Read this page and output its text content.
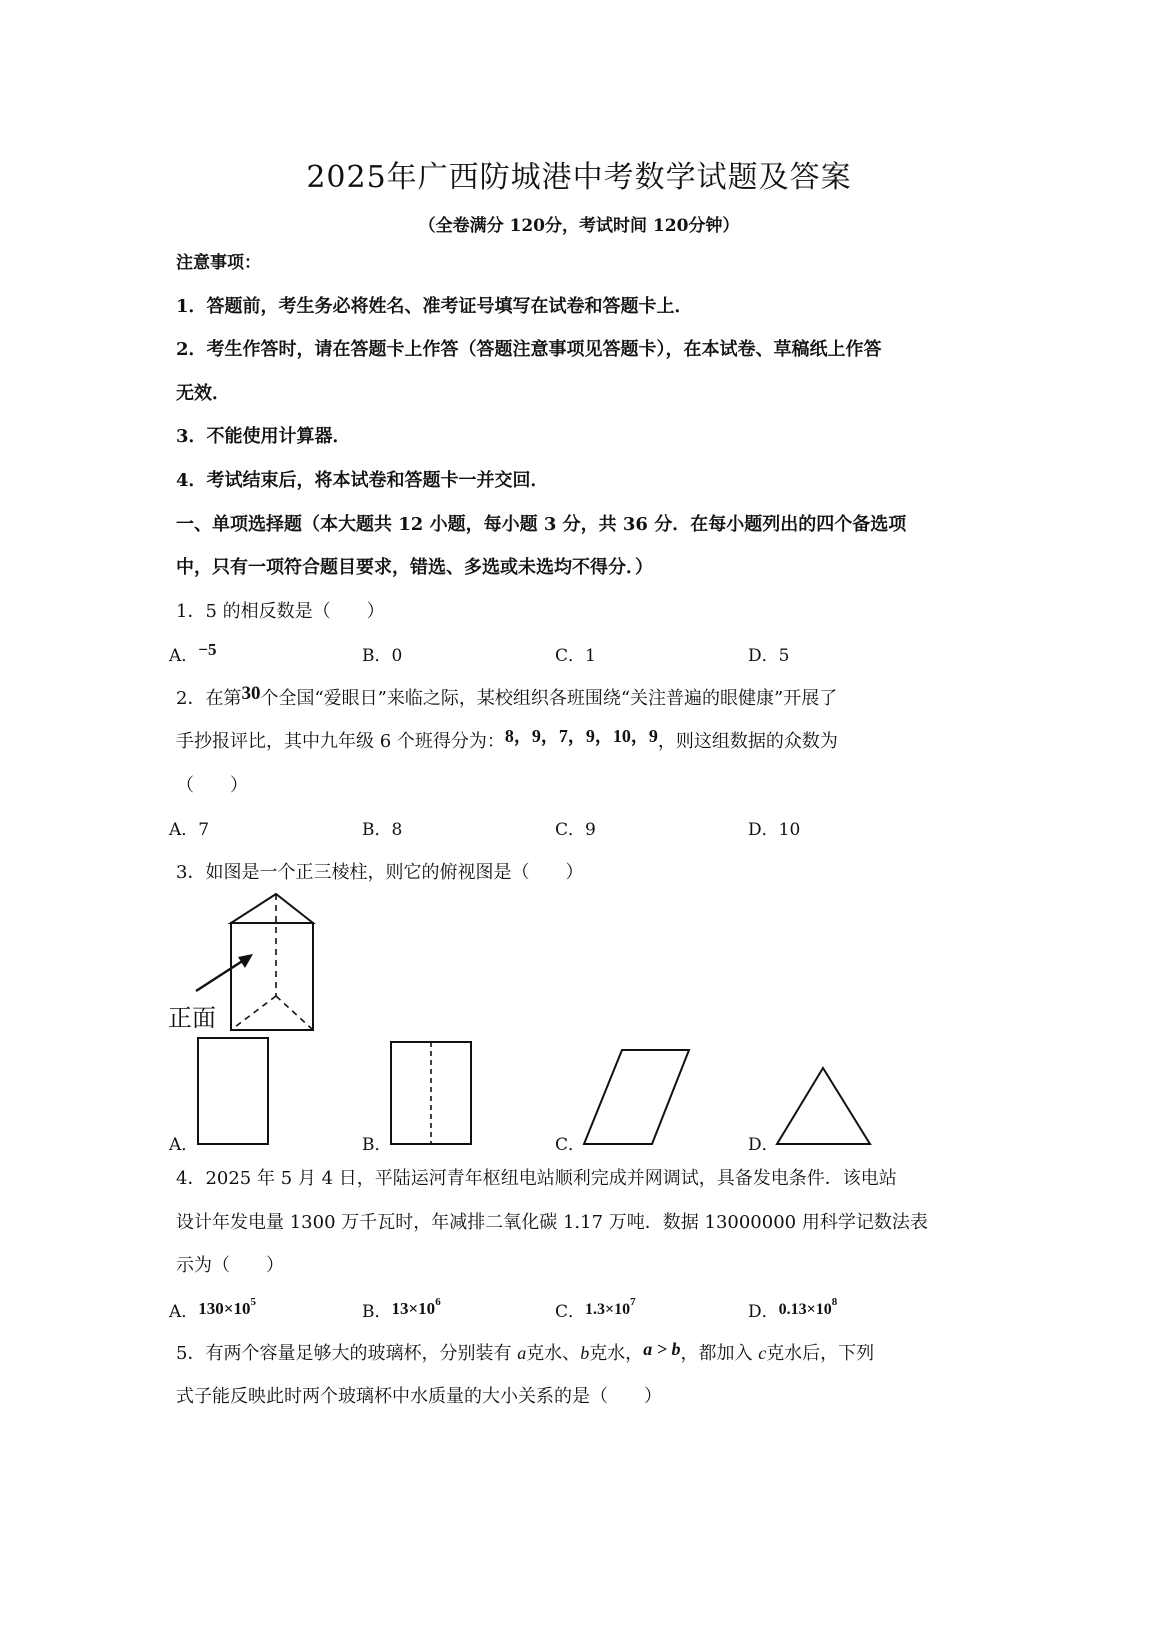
2025年广西防城港中考数学试题及答案
（全卷满分 120分，考试时间 120分钟）
注意事项：
1．答题前，考生务必将姓名、准考证号填写在试卷和答题卡上．
2．考生作答时，请在答题卡上作答（答题注意事项见答题卡），在本试卷、草稿纸上作答
无效．
3．不能使用计算器．
4．考试结束后，将本试卷和答题卡一并交回．
一、单项选择题（本大题共 12 小题，每小题 3 分，共 36 分．在每小题列出的四个备选项
中，只有一项符合题目要求，错选、多选或未选均不得分．）
1．5 的相反数是（　　）
A．−5	B．0	C．1	D．5
2．在第30个全国“爱眼日”来临之际，某校组织各班围绕“关注普遍的眼健康”开展了
手抄报评比，其中九年级 6 个班得分为：8，9，7，9，10，9，则这组数据的众数为
（　　）
A．7	B．8	C．9	D．10
3．如图是一个正三棱柱，则它的俯视图是（　　）
正面
A．	B．	C．	D．
4．2025 年 5 月 4 日，平陆运河青年枢纽电站顺利完成并网调试，具备发电条件．该电站
设计年发电量 1300 万千瓦时，年减排二氧化碳 1.17 万吨．数据 13000000 用科学记数法表
示为（　　）
A．$130\times 10^5$	B．$13\times 10^6$	C．$1.3\times 10^7$	D．$0.13\times 10^8$
5．有两个容量足够大的玻璃杯，分别装有 a克水、b克水，a > b，都加入 c克水后，下列
式子能反映此时两个玻璃杯中水质量的大小关系的是（　　）
